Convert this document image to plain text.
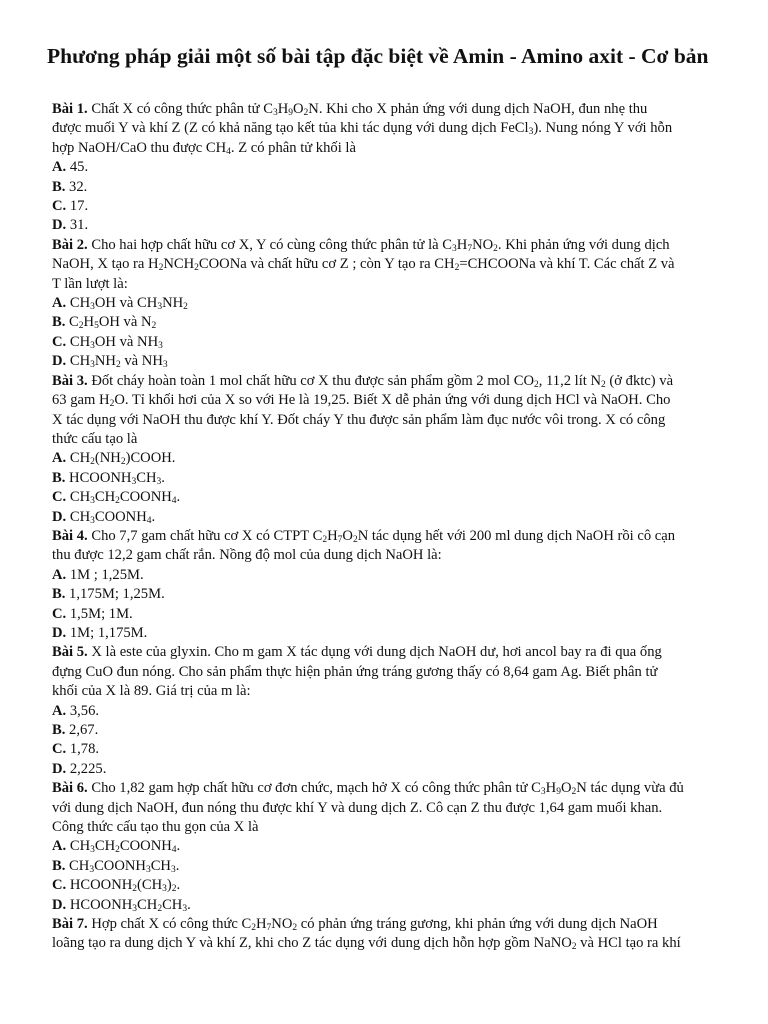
Phương pháp giải một số bài tập đặc biệt về Amin - Amino axit - Cơ bản
Bài 1. Chất X có công thức phân tử $C_3H_9O_2N$. Khi cho X phản ứng với dung dịch NaOH, đun nhẹ thu
được muối Y và khí Z (Z có khả năng tạo kết tủa khi tác dụng với dung dịch FeCl$_3$). Nung nóng Y với hỗn
hợp NaOH/CaO thu được $CH_4$. Z có phân tử khối là
A. 45.
B. 32.
C. 17.
D. 31.
Bài 2. Cho hai hợp chất hữu cơ X, Y có cùng công thức phân tử là $C_3H_7NO_2$. Khi phản ứng với dung dịch
NaOH, X tạo ra $H_2NCH_2COONa$ và chất hữu cơ Z ; còn Y tạo ra $CH_2=CHCOONa$ và khí T. Các chất Z và
T lần lượt là:
A. $CH_3OH$ và $CH_3NH_2$
B. $C_2H_5OH$ và $N_2$
C. $CH_3OH$ và $NH_3$
D. $CH_3NH_2$ và $NH_3$
Bài 3. Đốt cháy hoàn toàn 1 mol chất hữu cơ X thu được sản phẩm gồm 2 mol $CO_2$, 11,2 lít $N_2$ (ở đktc) và
63 gam $H_2O$. Tỉ khối hơi của X so với He là 19,25. Biết X dễ phản ứng với dung dịch HCl và NaOH. Cho
X tác dụng với NaOH thu được khí Y. Đốt cháy Y thu được sản phẩm làm đục nước vôi trong. X có công
thức cấu tạo là
A. $CH_2(NH_2)COOH$.
B. $HCOONH_3CH_3$.
C. $CH_3CH_2COONH_4$.
D. $CH_3COONH_4$.
Bài 4. Cho 7,7 gam chất hữu cơ X có CTPT $C_2H_7O_2N$ tác dụng hết với 200 ml dung dịch NaOH rồi cô cạn
thu được 12,2 gam chất rắn. Nồng độ mol của dung dịch NaOH là:
A. 1M ; 1,25M.
B. 1,175M; 1,25M.
C. 1,5M; 1M.
D. 1M; 1,175M.
Bài 5. X là este của glyxin. Cho m gam X tác dụng với dung dịch NaOH dư, hơi ancol bay ra đi qua ống
đựng CuO đun nóng. Cho sản phẩm thực hiện phản ứng tráng gương thấy có 8,64 gam Ag. Biết phân tử
khối của X là 89. Giá trị của m là:
A. 3,56.
B. 2,67.
C. 1,78.
D. 2,225.
Bài 6. Cho 1,82 gam hợp chất hữu cơ đơn chức, mạch hở X có công thức phân tử $C_3H_9O_2N$ tác dụng vừa đủ
với dung dịch NaOH, đun nóng thu được khí Y và dung dịch Z. Cô cạn Z thu được 1,64 gam muối khan.
Công thức cấu tạo thu gọn của X là
A. $CH_3CH_2COONH_4$.
B. $CH_3COONH_3CH_3$.
C. $HCOONH_2(CH_3)_2$.
D. $HCOONH_3CH_2CH_3$.
Bài 7. Hợp chất X có công thức $C_2H_7NO_2$ có phản ứng tráng gương, khi phản ứng với dung dịch NaOH
loãng tạo ra dung dịch Y và khí Z, khi cho Z tác dụng với dung dịch hỗn hợp gồm NaNO$_2$ và HCl tạo ra khí
